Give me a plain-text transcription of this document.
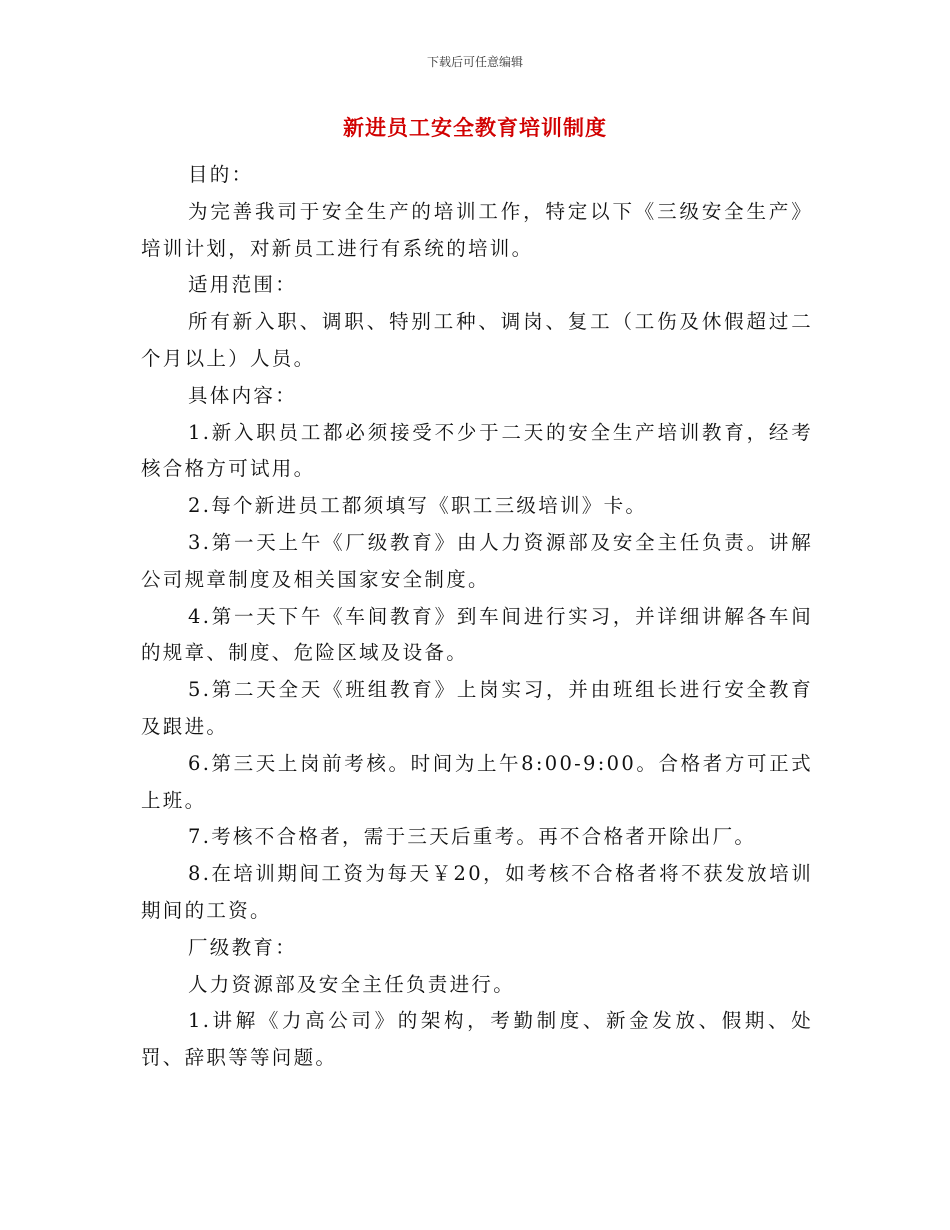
下载后可任意编辑
新进员工安全教育培训制度

目的：

为完善我司于安全生产的培训工作，特定以下《三级安全生产》培训计划，对新员工进行有系统的培训。

适用范围：

所有新入职、调职、特别工种、调岗、复工（工伤及休假超过二个月以上）人员。

具体内容：

1.新入职员工都必须接受不少于二天的安全生产培训教育，经考核合格方可试用。

2.每个新进员工都须填写《职工三级培训》卡。

3.第一天上午《厂级教育》由人力资源部及安全主任负责。讲解公司规章制度及相关国家安全制度。

4.第一天下午《车间教育》到车间进行实习，并详细讲解各车间的规章、制度、危险区域及设备。

5.第二天全天《班组教育》上岗实习，并由班组长进行安全教育及跟进。

6.第三天上岗前考核。时间为上午8:00-9:00。合格者方可正式上班。

7.考核不合格者，需于三天后重考。再不合格者开除出厂。

8.在培训期间工资为每天￥20，如考核不合格者将不获发放培训期间的工资。

厂级教育：

人力资源部及安全主任负责进行。

1.讲解《力高公司》的架构，考勤制度、新金发放、假期、处罚、辞职等等问题。
